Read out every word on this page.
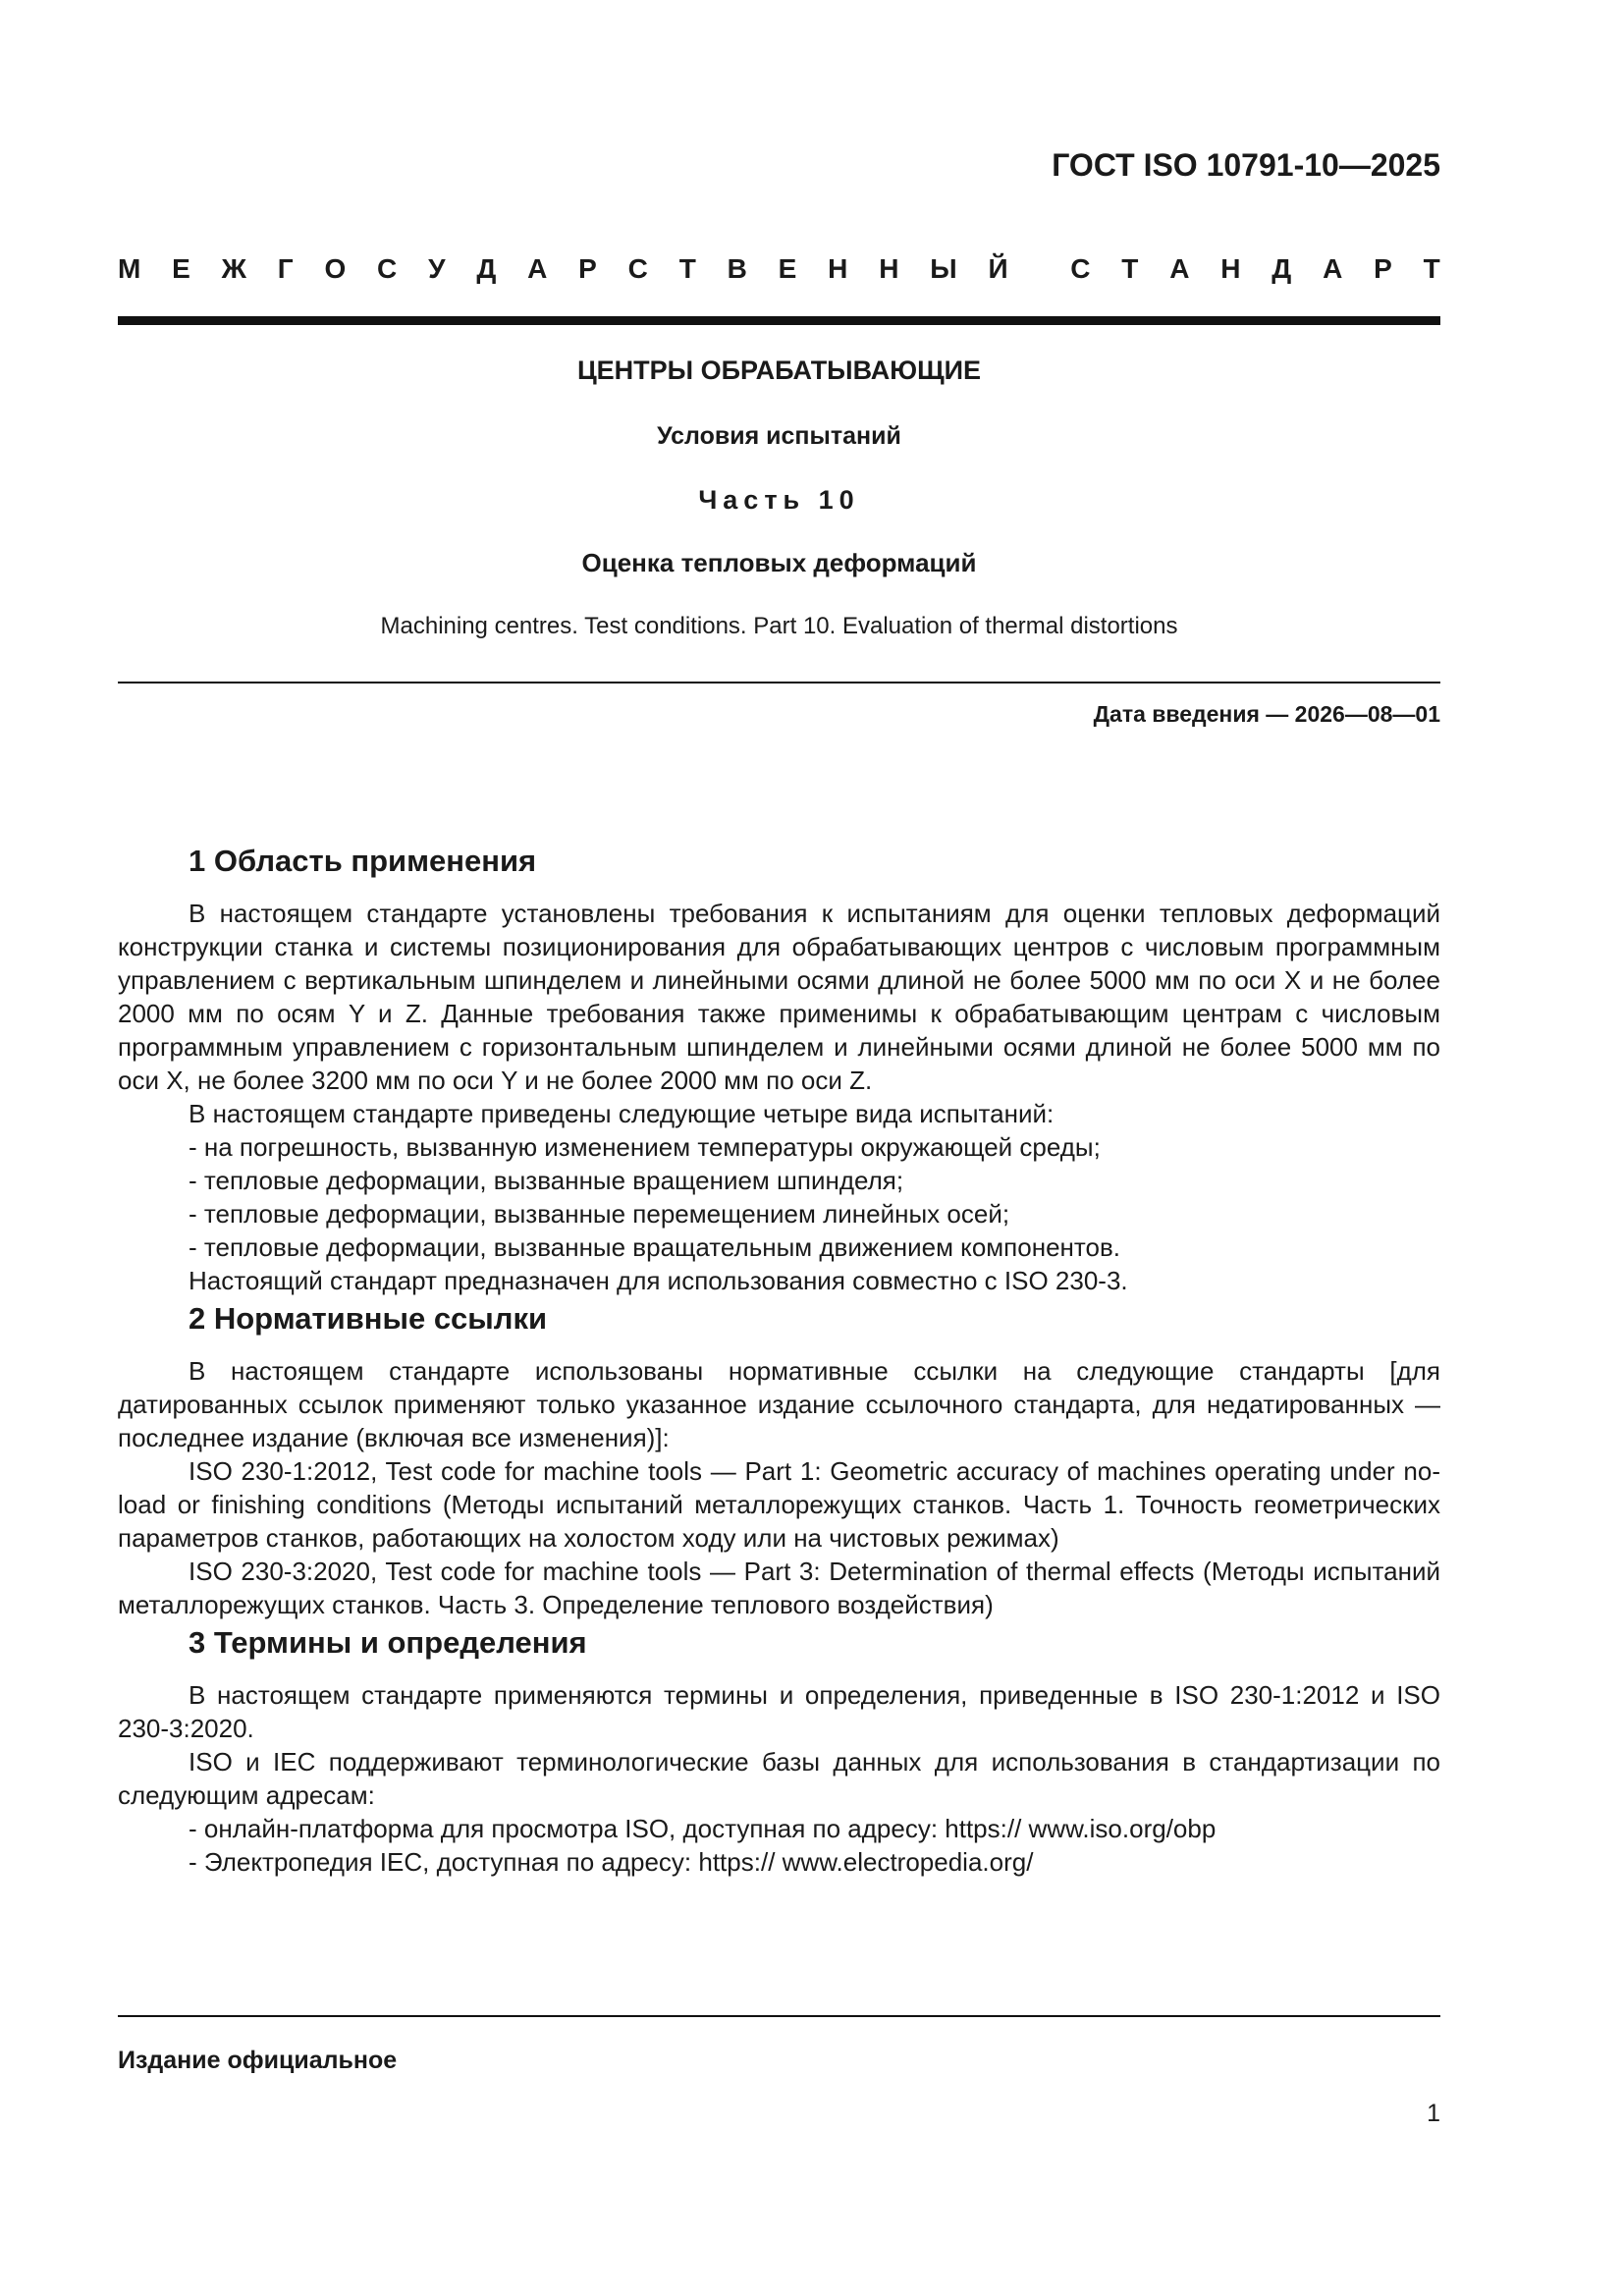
ГОСТ ISO 10791-10—2025
М Е Ж Г О С У Д А Р С Т В Е Н Н Ы Й С Т А Н Д А Р Т
ЦЕНТРЫ ОБРАБАТЫВАЮЩИЕ
Условия испытаний
Часть 10
Оценка тепловых деформаций
Machining centres. Test conditions. Part 10. Evaluation of thermal distortions
Дата введения — 2026—08—01
1 Область применения

В настоящем стандарте установлены требования к испытаниям для оценки тепловых деформаций конструкции станка и системы позиционирования для обрабатывающих центров с числовым программным управлением с вертикальным шпинделем и линейными осями длиной не более 5000 мм по оси X и не более 2000 мм по осям Y и Z. Данные требования также применимы к обрабатывающим центрам с числовым программным управлением с горизонтальным шпинделем и линейными осями длиной не более 5000 мм по оси X, не более 3200 мм по оси Y и не более 2000 мм по оси Z.

В настоящем стандарте приведены следующие четыре вида испытаний:

- на погрешность, вызванную изменением температуры окружающей среды;

- тепловые деформации, вызванные вращением шпинделя;

- тепловые деформации, вызванные перемещением линейных осей;

- тепловые деформации, вызванные вращательным движением компонентов.

Настоящий стандарт предназначен для использования совместно с ISO 230-3.

2 Нормативные ссылки

В настоящем стандарте использованы нормативные ссылки на следующие стандарты [для датированных ссылок применяют только указанное издание ссылочного стандарта, для недатированных — последнее издание (включая все изменения)]:

ISO 230-1:2012, Test code for machine tools — Part 1: Geometric accuracy of machines operating under no-load or finishing conditions (Методы испытаний металлорежущих станков. Часть 1. Точность геометрических параметров станков, работающих на холостом ходу или на чистовых режимах)

ISO 230-3:2020, Test code for machine tools — Part 3: Determination of thermal effects (Методы испытаний металлорежущих станков. Часть 3. Определение теплового воздействия)

3 Термины и определения

В настоящем стандарте применяются термины и определения, приведенные в ISO 230-1:2012 и ISO 230-3:2020.

ISO и IEC поддерживают терминологические базы данных для использования в стандартизации по следующим адресам:

- онлайн-платформа для просмотра ISO, доступная по адресу: https:// www.iso.org/obp

- Электропедия IEC, доступная по адресу: https:// www.electropedia.org/

Издание официальное
1
